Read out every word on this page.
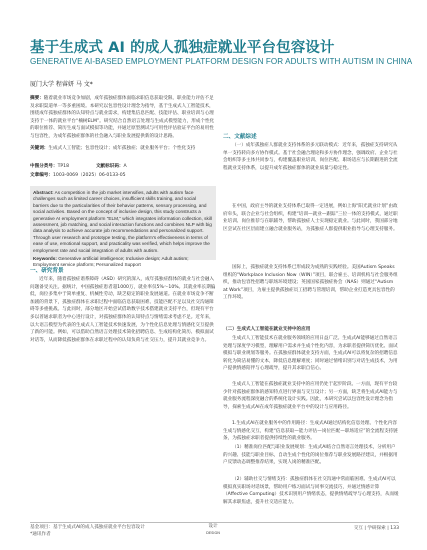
基于生成式 AI 的成人孤独症就业平台包容设计
GENERATIVE AI-BASED EMPLOYMENT PLATFORM DESIGN FOR ADULTS WITH AUTISM IN CHINA
厦门大学 程睿妍 马 文*
摘要：随着就业市场竞争加剧，成年孤独症群体面临求职信息获取受限、职业能力评估不足及求职渠道单一等多重困境。本研究以包容性设计理念为指导，基于生成式人工智能技术，围绕成年孤独症群体的认知特点与就业需求，构建集信息匹配、技能评估、职业培训与心理支持于一体的就业平台“楠树ELM”。研究结合自然语言处理与生成式模型能力，形成个性化的职位推荐、简历生成与面试模拟等功能，并通过原型测试与可用性评估验证平台的易用性与包容性，为成年孤独症群体的社会融入与职业发展提供新的设计思路。
关键词：生成式人工智能；包容性设计；成年孤独症；就业服务平台；个性化支持
中图分类号：TP18	文献标识码：A
文章编号：1003-0069（2025）06-0133-05
Abstract: As competition in the job market intensifies, adults with autism face challenges such as limited career choices, insufficient skills training, and social barriers due to the particularities of their behavior patterns, sensory processing, and social activities. Based on the concept of inclusive design, this study constructs a generative AI employment platform "ELM," which integrates information collection, skill assessment, job matching, and social interaction functions and combines NLP with big data analysis to achieve accurate job recommendations and personalized support. Through user research and prototype testing, the platform's effectiveness in terms of ease of use, emotional support, and practicality was verified, which helps improve the employment rate and social integration of adults with autism.
Keywords: Generative artificial intelligence; Inclusive design; Adult autism; Employment service platform; Personalized Support
一、研究背景
近年来，随着孤独症谱系障碍（ASD）研究的深入，成年孤独症群体的就业与社会融入问题备受关注。据统计，中国孤独症患者超1000万，就业率仅5%～10%。其就业率长期偏低，岗位多集中于简单重复、机械性劳动，缺乏稳定的职业发展通道。在就业市场竞争不断加剧的背景下，孤独症群体在求职过程中面临信息获取困难、技能匹配不足以及社交沟通障碍等多重挑战。与此同时，部分地区开始尝试借助数字技术搭建就业支持平台，但现有平台多以普通求职者为中心进行设计，对孤独症群体的认知特点与情绪需求考虑不足。近年来，以大语言模型为代表的生成式人工智能技术快速发展，为个性化信息处理与情感化交互提供了新的可能。例如，可以借助自然语言处理技术简化招聘信息、生成结构化简历、模拟面试对话等，从而降低孤独症群体在求职过程中的认知负荷与社交压力，提升其就业竞争力。
二、文献综述
（一）成年孤独症人群就业支持体系的多元联动模式：近年来，孤独症支持研究从单一支持转向多方协作模式。基于社会融合理论和多方协作理念，强调政府、企业与社会组织等多主体共同参与，构建覆盖职业培训、岗位匹配、职场适应与长期跟进的全流程就业支持体系，以提升成年孤独症群体的就业质量与稳定性。
在中国，政府主导的就业支持体系已取得一定进展，例如上海“阳光就业计划”由政府牵头，联合企业与社会组织，构建“培训—就业—跟踪”三位一体的支持模式，通过职业培训、岗位推荐与在职辅导，帮助孤独症人士实现稳定就业。与此同时，我国部分地区尝试在社区层面建立融合就业服务站，为孤独症人群提供职业指导与心理支持服务。
国际上，孤独症就业支持体系已形成较为成熟的实践经验。美国Autism Speaks组织的“Workplace Inclusion Now（WIN）”项目，联合雇主、培训机构与社会服务组织，推动包容性招聘与职场环境建设；英国国家孤独症协会（NAS）则通过“Autism at Work”项目，为雇主提供孤独症员工招聘与管理培训，帮助企业打造更具包容性的工作环境。
（二）生成式人工智能在就业支持中的应用
生成式人工智能技术在就业服务领域的应用日益广泛。生成式AI能够通过自然语言处理与深度学习模型，理解用户需求并生成个性化内容，为求职者提供简历优化、面试模拟与职业规划等服务。在孤独症群体就业支持方面，生成式AI可以将复杂的招聘信息转化为简洁易懂的文本，降低信息理解难度；同时通过情绪识别与对话生成技术，为用户提供情感陪伴与心理疏导，提升其求职自信心。
生成式人工智能在孤独症就业支持中的应用仍处于起步阶段。一方面，现有平台较少针对孤独症群体的感知特点进行界面与交互设计；另一方面，缺乏将生成式AI能力与就业服务流程深度融合的系统化设计实践。因此，本研究尝试以包容性设计理念为指导，探索生成式AI在成年孤独症就业平台中的设计与应用路径。
1.生成式AI在就业服务中的作用路径：生成式AI通过结构化信息处理、个性化内容生成与情感化交互，构建“信息获取—能力评估—岗位匹配—职场适应”的全流程支持链条，为孤独症求职者提供持续性的就业服务。
（1）精准岗位匹配与职业发展规划：生成式AI结合自然语言处理技术，分析用户的兴趣、技能与职业目标，自动生成个性化的岗位推荐与职业发展路径建议，并根据用户反馈动态调整推荐结果，实现人岗的精准匹配。
（2）辅助社交与情绪支持：孤独症群体在社交沟通中常面临困难。生成式AI可以模拟真实职场对话场景，帮助用户练习面试与同事交流技巧，并通过情感计算（Affective Computing）技术识别用户情绪状态，提供情绪疏导与心理支持，从而缓解其求职焦虑，提升社交适应能力。
基金项目：基于生成式AI的成人孤独症就业平台包容设计
*通讯作者
设计
DESIGN
交互 | 学研探索 | 133
